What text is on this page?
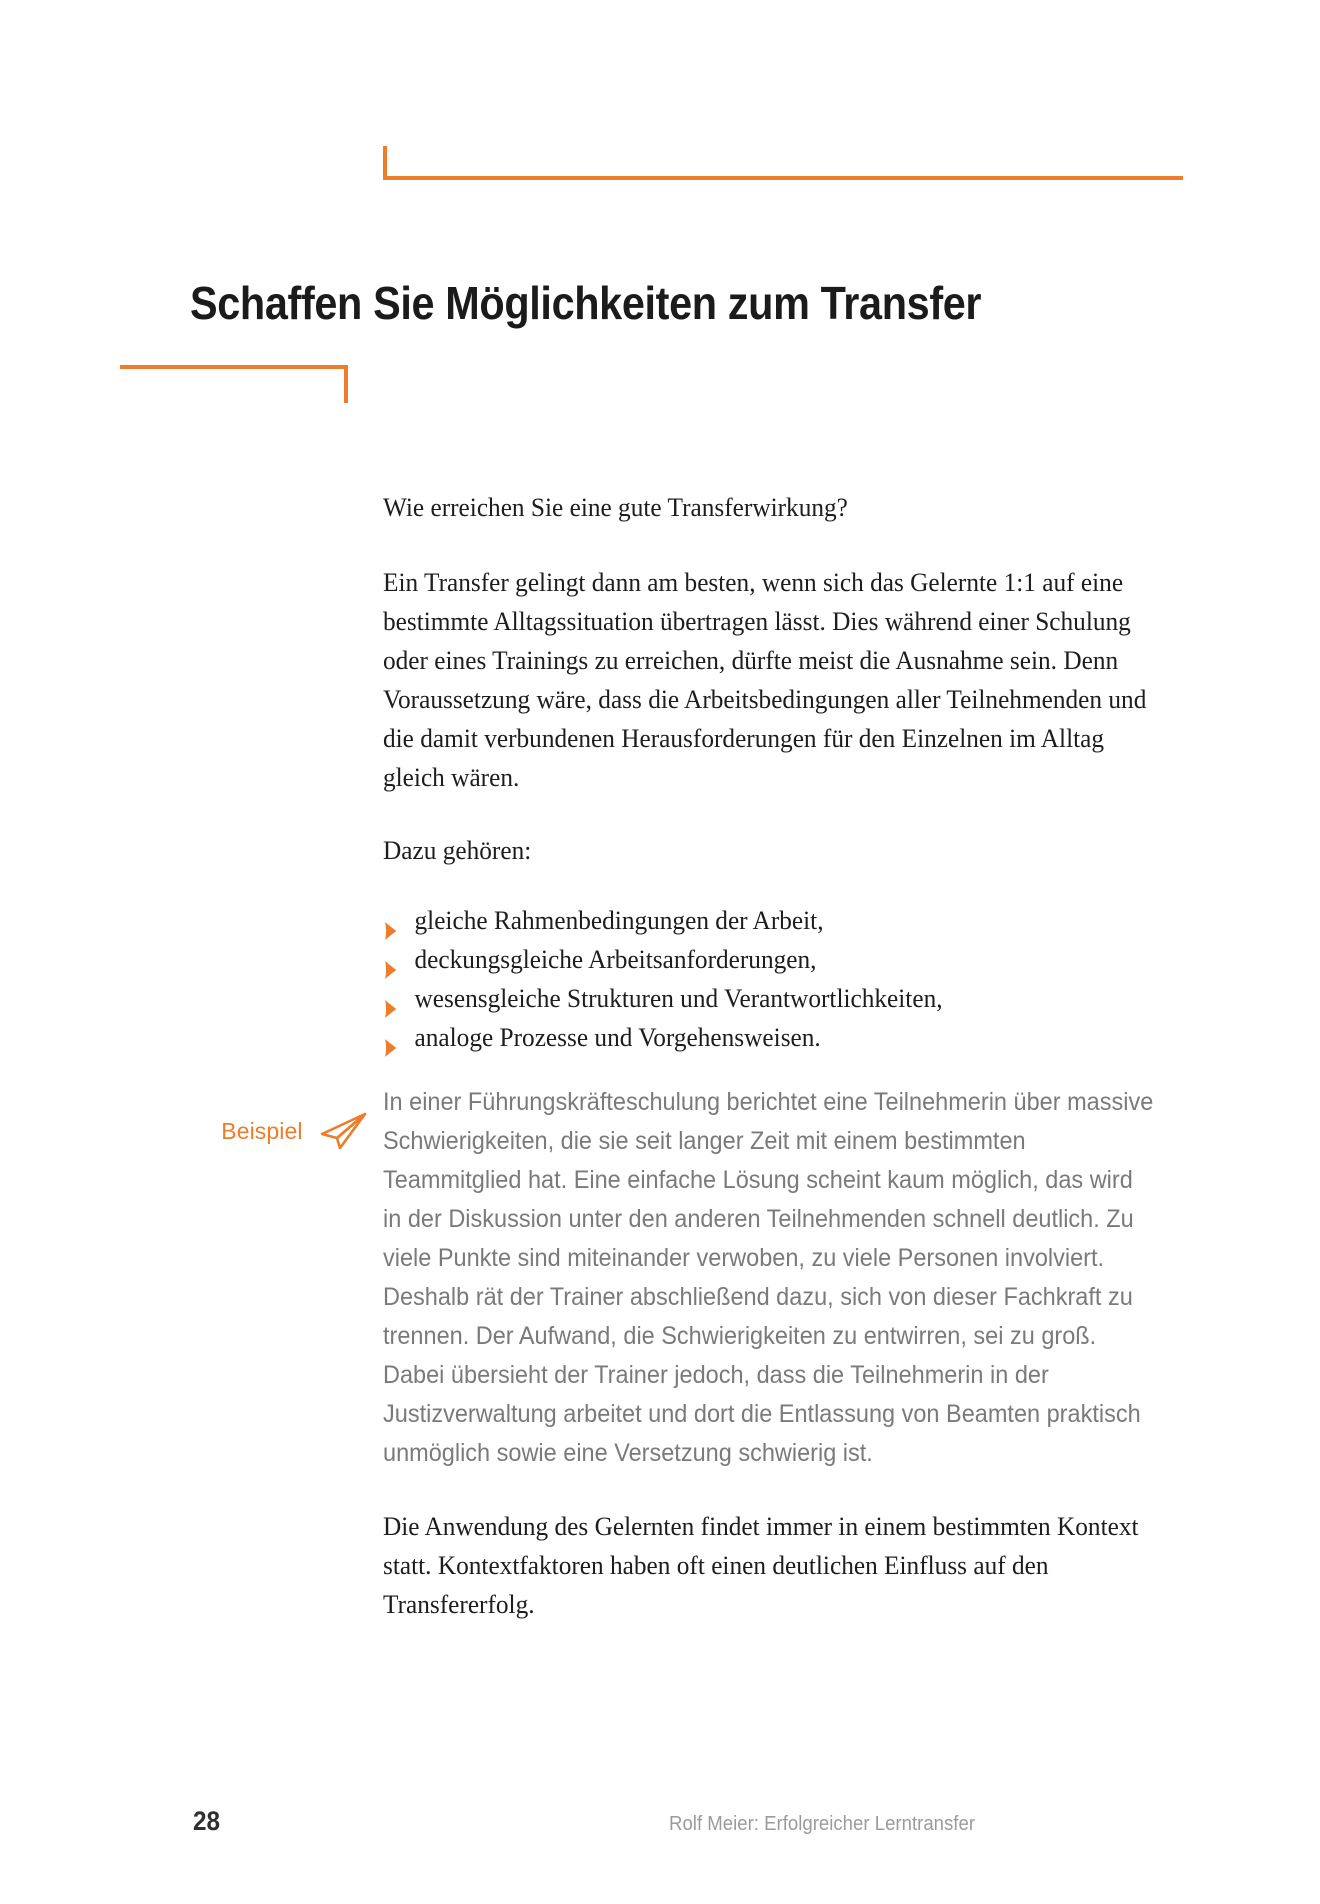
Schaffen Sie Möglichkeiten zum Transfer

Wie erreichen Sie eine gute Transferwirkung?

Ein Transfer gelingt dann am besten, wenn sich das Gelernte 1:1 auf eine bestimmte Alltagssituation übertragen lässt. Dies während einer Schulung oder eines Trainings zu erreichen, dürfte meist die Ausnahme sein. Denn Voraussetzung wäre, dass die Arbeitsbedingungen aller Teilnehmenden und die damit verbundenen Herausforderungen für den Einzelnen im Alltag gleich wären.

Dazu gehören:

gleiche Rahmenbedingungen der Arbeit,
deckungsgleiche Arbeitsanforderungen,
wesensgleiche Strukturen und Verantwortlichkeiten,
analoge Prozesse und Vorgehensweisen.
Beispiel

In einer Führungskräfteschulung berichtet eine Teilnehmerin über massive Schwierigkeiten, die sie seit langer Zeit mit einem bestimmten Teammitglied hat. Eine einfache Lösung scheint kaum möglich, das wird in der Diskussion unter den anderen Teilnehmenden schnell deutlich. Zu viele Punkte sind miteinander verwoben, zu viele Personen involviert. Deshalb rät der Trainer abschließend dazu, sich von dieser Fachkraft zu trennen. Der Aufwand, die Schwierigkeiten zu entwirren, sei zu groß. Dabei übersieht der Trainer jedoch, dass die Teilnehmerin in der Justizverwaltung arbeitet und dort die Entlassung von Beamten praktisch unmöglich sowie eine Versetzung schwierig ist.

Die Anwendung des Gelernten findet immer in einem bestimmten Kontext statt. Kontextfaktoren haben oft einen deutlichen Einfluss auf den Transfererfolg.

28	Rolf Meier: Erfolgreicher Lerntransfer
